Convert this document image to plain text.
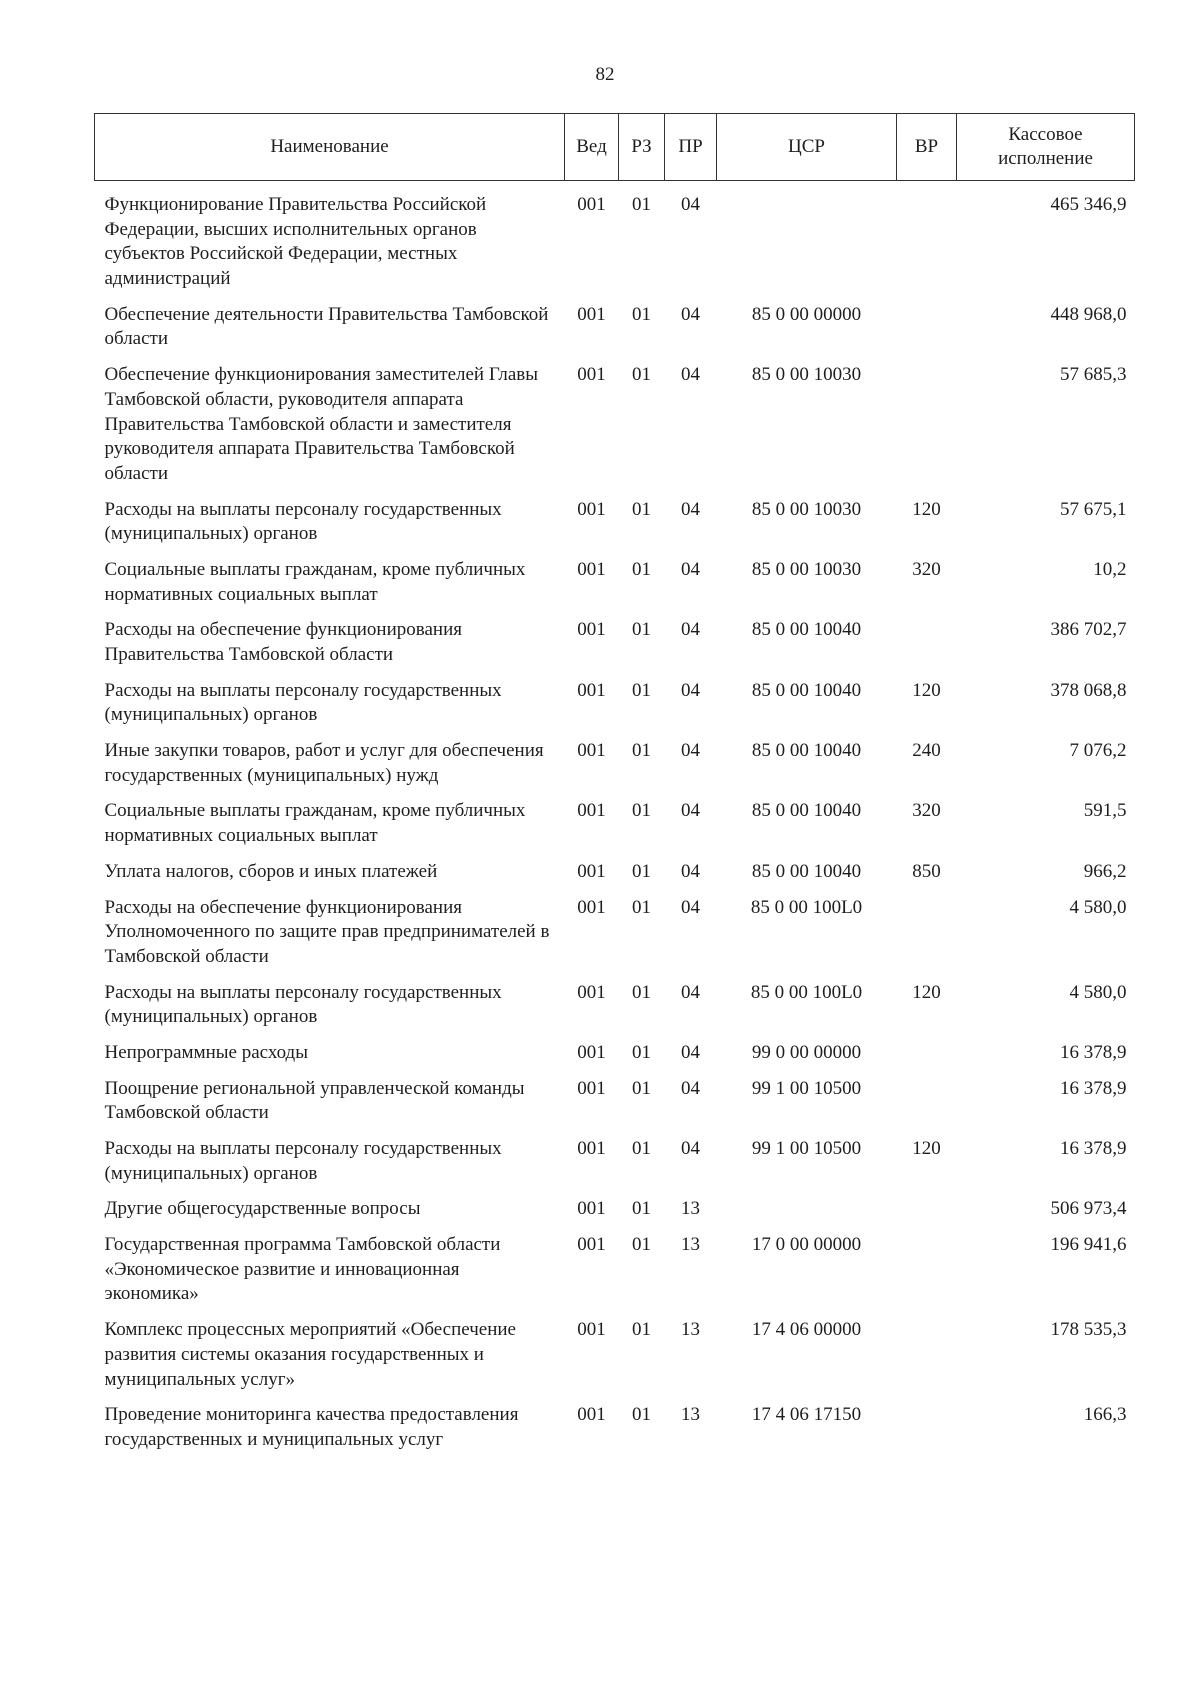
82
Наименование	Вед	РЗ	ПР	ЦСР	ВР	Кассовое исполнение
Функционирование Правительства Российской Федерации, высших исполнительных органов субъектов Российской Федерации, местных администраций	001	01	04			465 346,9
Обеспечение деятельности Правительства Тамбовской области	001	01	04	85 0 00 00000		448 968,0
Обеспечение функционирования заместителей Главы Тамбовской области, руководителя аппарата Правительства Тамбовской области и заместителя руководителя аппарата Правительства Тамбовской области	001	01	04	85 0 00 10030		57 685,3
Расходы на выплаты персоналу государственных (муниципальных) органов	001	01	04	85 0 00 10030	120	57 675,1
Социальные выплаты гражданам, кроме публичных нормативных социальных выплат	001	01	04	85 0 00 10030	320	10,2
Расходы на обеспечение функционирования Правительства Тамбовской области	001	01	04	85 0 00 10040		386 702,7
Расходы на выплаты персоналу государственных (муниципальных) органов	001	01	04	85 0 00 10040	120	378 068,8
Иные закупки товаров, работ и услуг для обеспечения государственных (муниципальных) нужд	001	01	04	85 0 00 10040	240	7 076,2
Социальные выплаты гражданам, кроме публичных нормативных социальных выплат	001	01	04	85 0 00 10040	320	591,5
Уплата налогов, сборов и иных платежей	001	01	04	85 0 00 10040	850	966,2
Расходы на обеспечение функционирования Уполномоченного по защите прав предпринимателей в Тамбовской области	001	01	04	85 0 00 100L0		4 580,0
Расходы на выплаты персоналу государственных (муниципальных) органов	001	01	04	85 0 00 100L0	120	4 580,0
Непрограммные расходы	001	01	04	99 0 00 00000		16 378,9
Поощрение региональной управленческой команды Тамбовской области	001	01	04	99 1 00 10500		16 378,9
Расходы на выплаты персоналу государственных (муниципальных) органов	001	01	04	99 1 00 10500	120	16 378,9
Другие общегосударственные вопросы	001	01	13			506 973,4
Государственная программа Тамбовской области «Экономическое развитие и инновационная экономика»	001	01	13	17 0 00 00000		196 941,6
Комплекс процессных мероприятий «Обеспечение развития системы оказания государственных и муниципальных услуг»	001	01	13	17 4 06 00000		178 535,3
Проведение мониторинга качества предоставления государственных и муниципальных услуг	001	01	13	17 4 06 17150		166,3
